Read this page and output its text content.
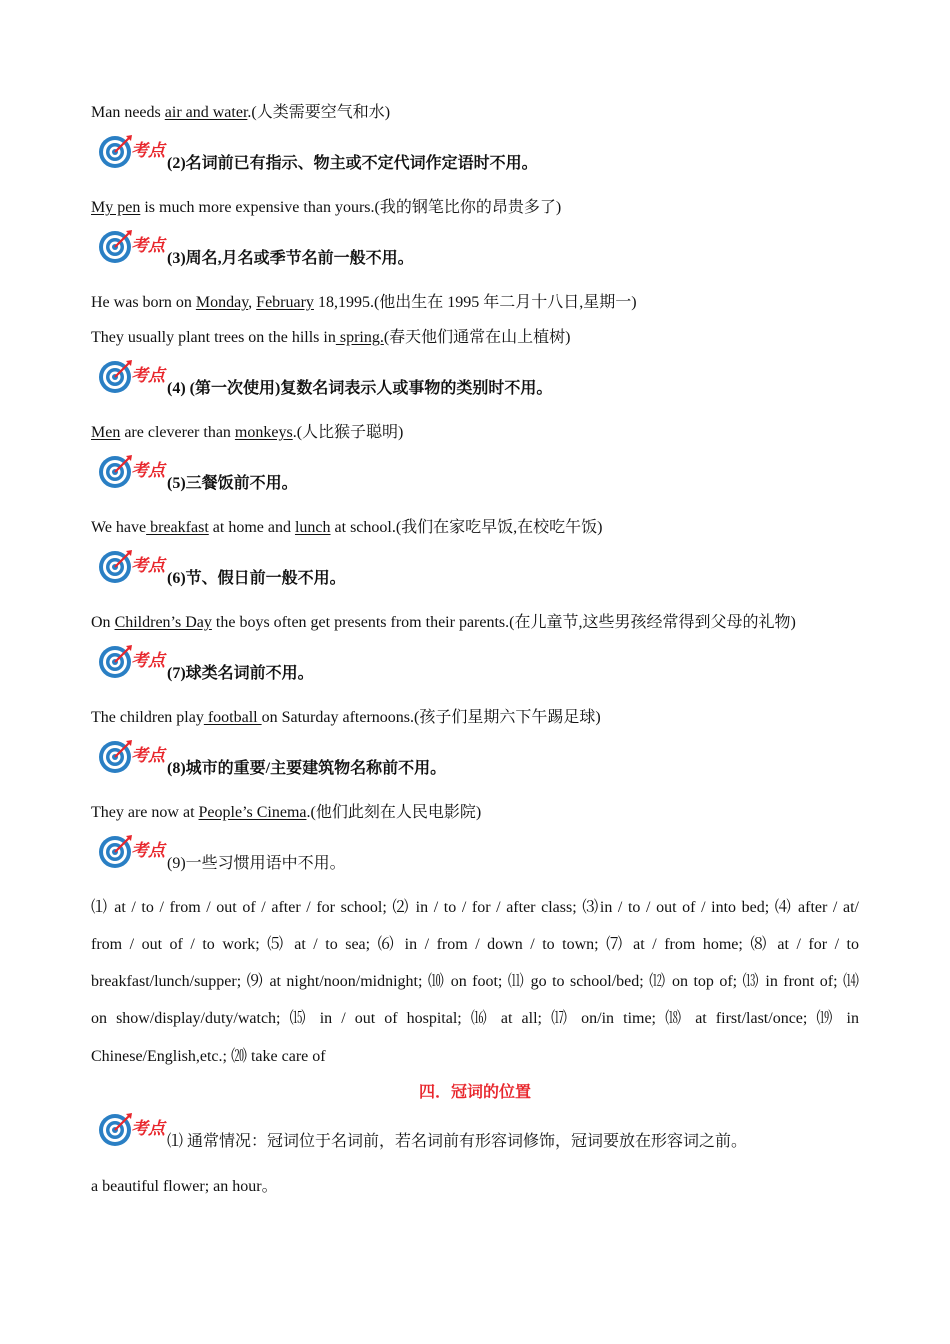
Man needs air and water.(人类需要空气和水)
考点
(2)名词前已有指示、物主或不定代词作定语时不用。
My pen is much more expensive than yours.(我的钢笔比你的昂贵多了)
考点
(3)周名,月名或季节名前一般不用。
He was born on Monday, February 18,1995.(他出生在 1995 年二月十八日,星期一)
They usually plant trees on the hills in spring.(春天他们通常在山上植树)
考点
(4) (第一次使用)复数名词表示人或事物的类别时不用。
Men are cleverer than monkeys.(人比猴子聪明)
考点
(5)三餐饭前不用。
We have breakfast at home and lunch at school.(我们在家吃早饭,在校吃午饭)
考点
(6)节、假日前一般不用。
On Children’s Day the boys often get presents from their parents.(在儿童节,这些男孩经常得到父母的礼物)
考点
(7)球类名词前不用。
The children play football on Saturday afternoons.(孩子们星期六下午踢足球)
考点
(8)城市的重要/主要建筑物名称前不用。
They are now at People’s Cinema.(他们此刻在人民电影院)
考点
(9)一些习惯用语中不用。
⑴ at / to / from / out of / after / for school; ⑵ in / to / for / after class; ⑶in / to / out of / into bed; ⑷ after / at/
from / out of / to work; ⑸ at / to sea; ⑹ in / from / down / to town; ⑺ at / from home; ⑻ at / for / to
breakfast/lunch/supper; ⑼ at night/noon/midnight; ⑽ on foot; ⑾ go to school/bed; ⑿ on top of; ⒀ in front of; ⒁
on show/display/duty/watch; ⒂ in / out of hospital; ⒃ at all; ⒄ on/in time; ⒅ at first/last/once; ⒆ in
Chinese/English,etc.; ⒇ take care of
四．冠词的位置
考点
⑴ 通常情况：冠词位于名词前，若名词前有形容词修饰，冠词要放在形容词之前。
a beautiful flower; an hour。
